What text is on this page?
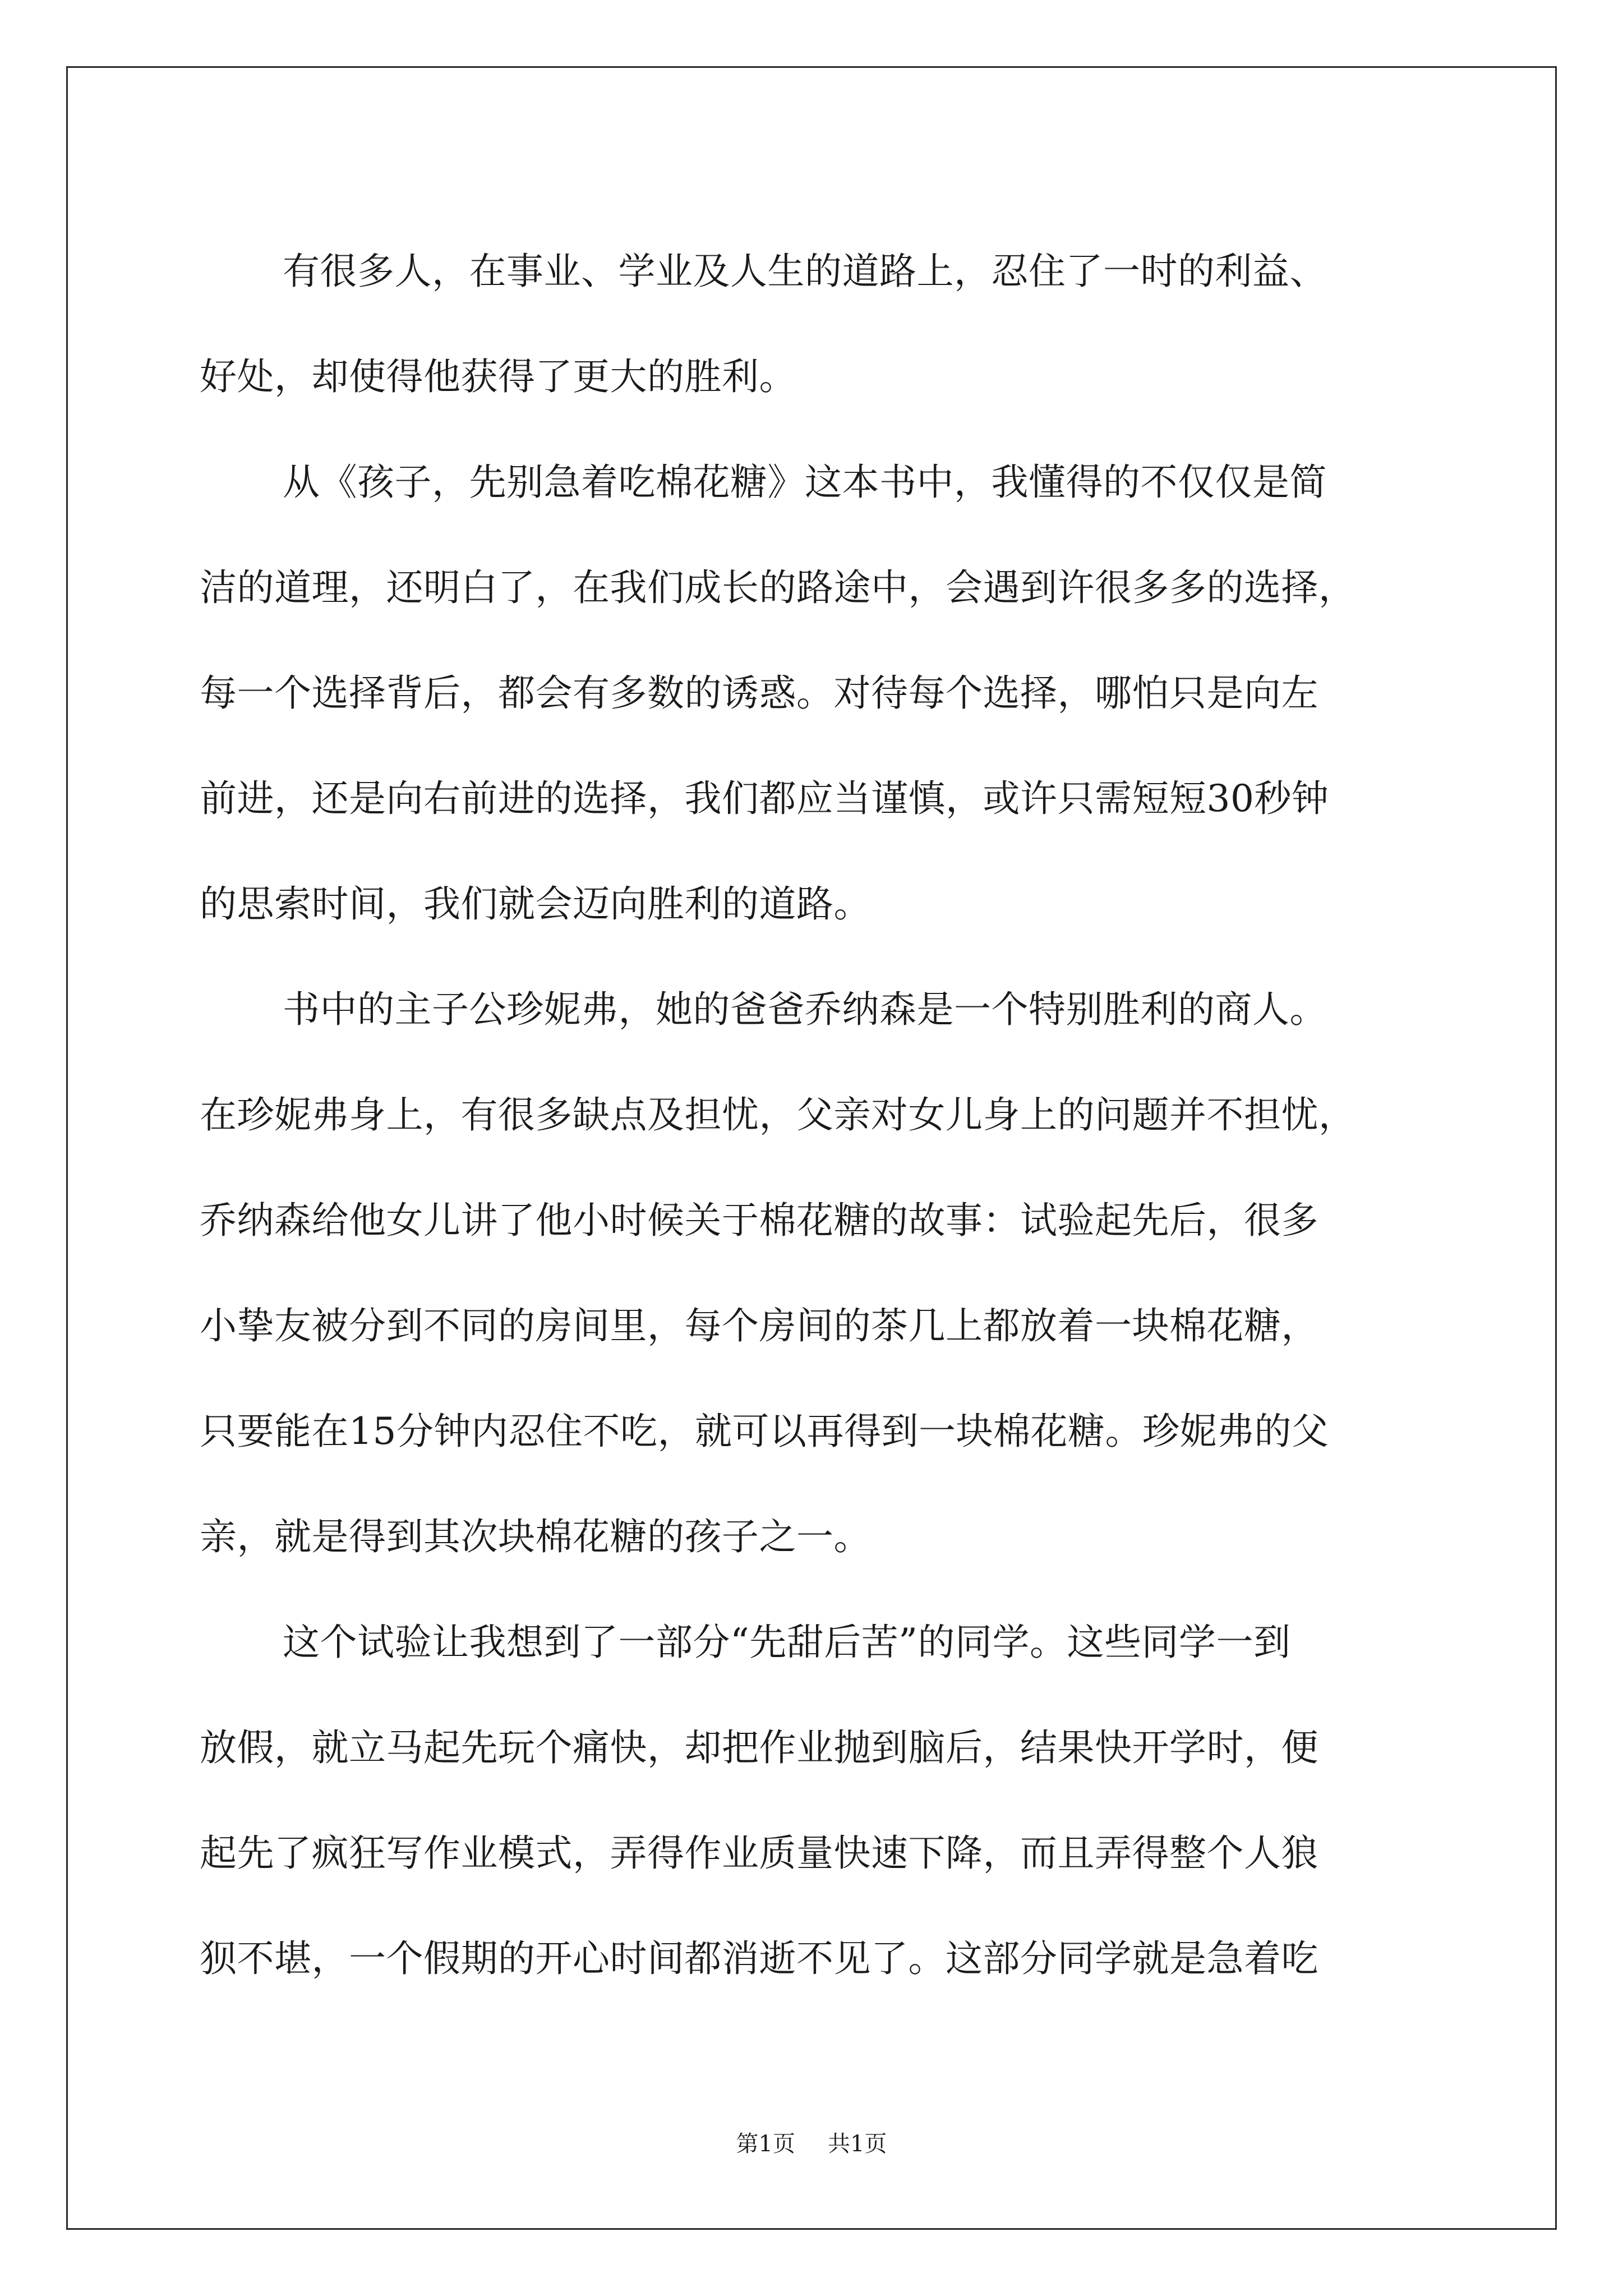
有很多人，在事业、学业及人生的道路上，忍住了一时的利益、
好处，却使得他获得了更大的胜利。
从《孩子，先别急着吃棉花糖》这本书中，我懂得的不仅仅是简
洁的道理，还明白了，在我们成长的路途中，会遇到许很多多的选择，
每一个选择背后，都会有多数的诱惑。对待每个选择，哪怕只是向左
前进，还是向右前进的选择，我们都应当谨慎，或许只需短短30秒钟
的思索时间，我们就会迈向胜利的道路。
书中的主子公珍妮弗，她的爸爸乔纳森是一个特别胜利的商人。
在珍妮弗身上，有很多缺点及担忧，父亲对女儿身上的问题并不担忧，
乔纳森给他女儿讲了他小时候关于棉花糖的故事：试验起先后，很多
小挚友被分到不同的房间里，每个房间的茶几上都放着一块棉花糖，
只要能在15分钟内忍住不吃，就可以再得到一块棉花糖。珍妮弗的父
亲，就是得到其次块棉花糖的孩子之一。
这个试验让我想到了一部分“先甜后苦”的同学。这些同学一到
放假，就立马起先玩个痛快，却把作业抛到脑后，结果快开学时，便
起先了疯狂写作业模式，弄得作业质量快速下降，而且弄得整个人狼
狈不堪，一个假期的开心时间都消逝不见了。这部分同学就是急着吃
第1页 共1页
